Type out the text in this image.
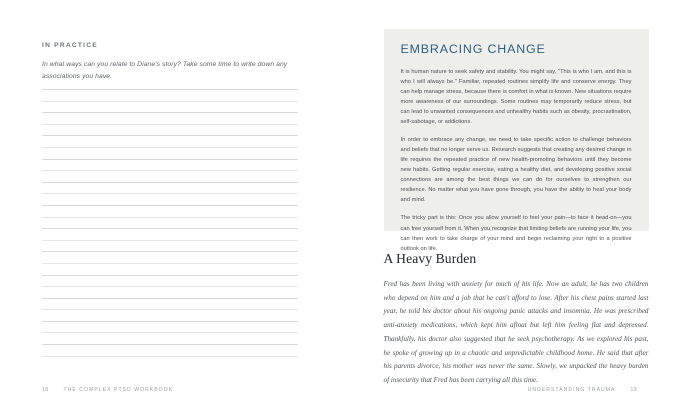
IN PRACTICE

In what ways can you relate to Diane's story? Take some time to write down any associations you have.

18	THE COMPLEX PTSD WORKBOOK
EMBRACING CHANGE

It is human nature to seek safety and stability. You might say, "This is who I am, and this is who I will always be." Familiar, repeated routines simplify life and conserve energy. They can help manage stress, because there is comfort in what is known. New situations require more awareness of our surroundings. Some routines may temporarily reduce stress, but can lead to unwanted consequences and unhealthy habits such as obesity, procrastination, self-sabotage, or addictions.

In order to embrace any change, we need to take specific action to challenge behaviors and beliefs that no longer serve us. Research suggests that creating any desired change in life requires the repeated practice of new health-promoting behaviors until they become new habits. Getting regular exercise, eating a healthy diet, and developing positive social connections are among the best things we can do for ourselves to strengthen our resilience. No matter what you have gone through, you have the ability to heal your body and mind.

The tricky part is this: Once you allow yourself to feel your pain—to face it head-on—you can free yourself from it. When you recognize that limiting beliefs are running your life, you can then work to take charge of your mind and begin reclaiming your right to a positive outlook on life.

A Heavy Burden

Fred has been living with anxiety for much of his life. Now an adult, he has two children who depend on him and a job that he can't afford to lose. After his chest pains started last year, he told his doctor about his ongoing panic attacks and insomnia. He was prescribed anti-anxiety medications, which kept him afloat but left him feeling flat and depressed. Thankfully, his doctor also suggested that he seek psychotherapy. As we explored his past, he spoke of growing up in a chaotic and unpredictable childhood home. He said that after his parents divorce, his mother was never the same. Slowly, we unpacked the heavy burden of insecurity that Fred has been carrying all this time.

UNDERSTANDING TRAUMA	19
